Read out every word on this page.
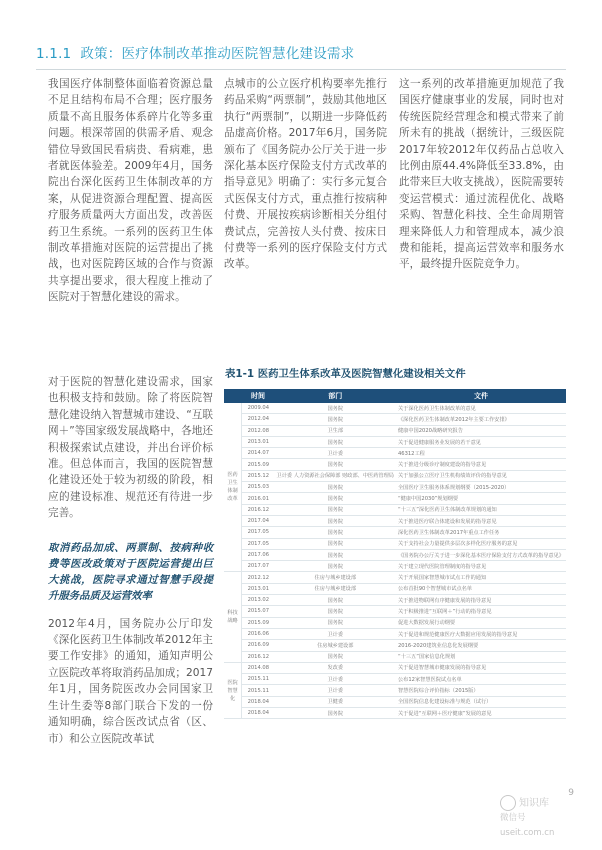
1.1.1 政策：医疗体制改革推动医院智慧化建设需求

我国医疗体制整体面临着资源总量不足且结构布局不合理；医疗服务质量不高且服务体系碎片化等多重问题。根深蒂固的供需矛盾、观念错位导致国民看病贵、看病难，患者就医体验差。2009年4月，国务院出台深化医药卫生体制改革的方案，从促进资源合理配置、提高医疗服务质量两大方面出发，改善医药卫生系统。一系列的医药卫生体制改革措施对医院的运营提出了挑战，也对医院跨区域的合作与资源共享提出要求，很大程度上推动了医院对于智慧化建设的需求。

对于医院的智慧化建设需求，国家也积极支持和鼓励。除了将医院智慧化建设纳入智慧城市建设、“互联网＋”等国家级发展战略中，各地还积极探索试点建设，并出台评价标准。但总体而言，我国的医院智慧化建设还处于较为初级的阶段，相应的建设标准、规范还有待进一步完善。

取消药品加成、两票制、按病种收费等医改政策对于医院运营提出巨大挑战，医院寻求通过智慧手段提升服务品质及运营效率

2012年4月，国务院办公厅印发《深化医药卫生体制改革2012年主要工作安排》的通知，通知声明公立医院改革将取消药品加成；2017年1月，国务院医改办会同国家卫生计生委等8部门联合下发的一份通知明确，综合医改试点省（区、市）和公立医院改革试

点城市的公立医疗机构要率先推行药品采购“两票制”，鼓励其他地区执行“两票制”，以期进一步降低药品虚高价格。2017年6月，国务院颁布了《国务院办公厅关于进一步深化基本医疗保险支付方式改革的指导意见》明确了：实行多元复合式医保支付方式，重点推行按病种付费、开展按疾病诊断相关分组付费试点，完善按人头付费、按床日付费等一系列的医疗保险支付方式改革。

这一系列的改革措施更加规范了我国医疗健康事业的发展，同时也对传统医院经营理念和模式带来了前所未有的挑战（据统计，三级医院2017年较2012年仅药品占总收入比例由原44.4%降低至33.8%，由此带来巨大收支挑战），医院需要转变运营模式：通过流程优化、战略采购、智慧化科技、全生命周期管理来降低人力和管理成本，减少浪费和能耗，提高运营效率和服务水平，最终提升医院竞争力。

表1-1 医药卫生体系改革及医院智慧化建设相关文件
	时间	部门	文件
医药卫生体制改革	2009.04	国务院	关于深化医药卫生体制改革的意见
	2012.04	国务院	《深化医药卫生体制改革2012年主要工作安排》
	2012.08	卫生部	健康中国2020战略研究报告
	2013.01	国务院	关于促进健康服务业发展的若干意见
	2014.07	卫计委	46312工程
	2015.09	国务院	关于推进分级诊疗制度建设的指导意见
	2015.12	卫计委 人力资源社会保障部 财政部、中医药管理局	关于加强公立医疗卫生机构绩效评价的指导意见
	2015.03	国务院	全国医疗卫生服务体系规划纲要（2015-2020）
	2016.01	国务院	“健康中国2030”规划纲要
	2016.12	国务院	“十三五”深化医药卫生体制改革规划的通知
	2017.04	国务院	关于推进医疗联合体建设和发展的指导意见
	2017.05	国务院	深化医药卫生体制改革2017年重点工作任务
	2017.05	国务院	关于支持社会力量提供多层次多样化医疗服务的意见
	2017.06	国务院	《国务院办公厅关于进一步深化基本医疗保险支付方式改革的指导意见》
	2017.07	国务院	关于建立现代医院管理制度的指导意见
科技战略	2012.12	住房与城乡建设部	关于开展国家智慧城市试点工作的通知
	2013.01	住房与城乡建设部	公布首批90个智慧城市试点名单
	2013.02	国务院	关于推进物联网有序健康发展的指导意见
	2015.07	国务院	关于积极推进“互联网＋”行动的指导意见
	2015.09	国务院	促进大数据发展行动纲要
	2016.06	卫计委	关于促进和规范健康医疗大数据应用发展的指导意见
	2016.09	住房城乡建设部	2016-2020建筑业信息化发展纲要
	2016.12	国务院	“十三五”国家信息化规划
医院智慧化	2014.08	发改委	关于促进智慧城市健康发展的指导意见
	2015.11	卫计委	公布12家智慧医院试点名单
	2015.11	卫计委	智慧医院综合评价指标（2015版）
	2018.04	卫健委	全国医院信息化建设标准与规范（试行）
	2018.04	国务院	关于促进“互联网＋医疗健康”发展的意见
9
知识库
微信号 useit.com.cn
